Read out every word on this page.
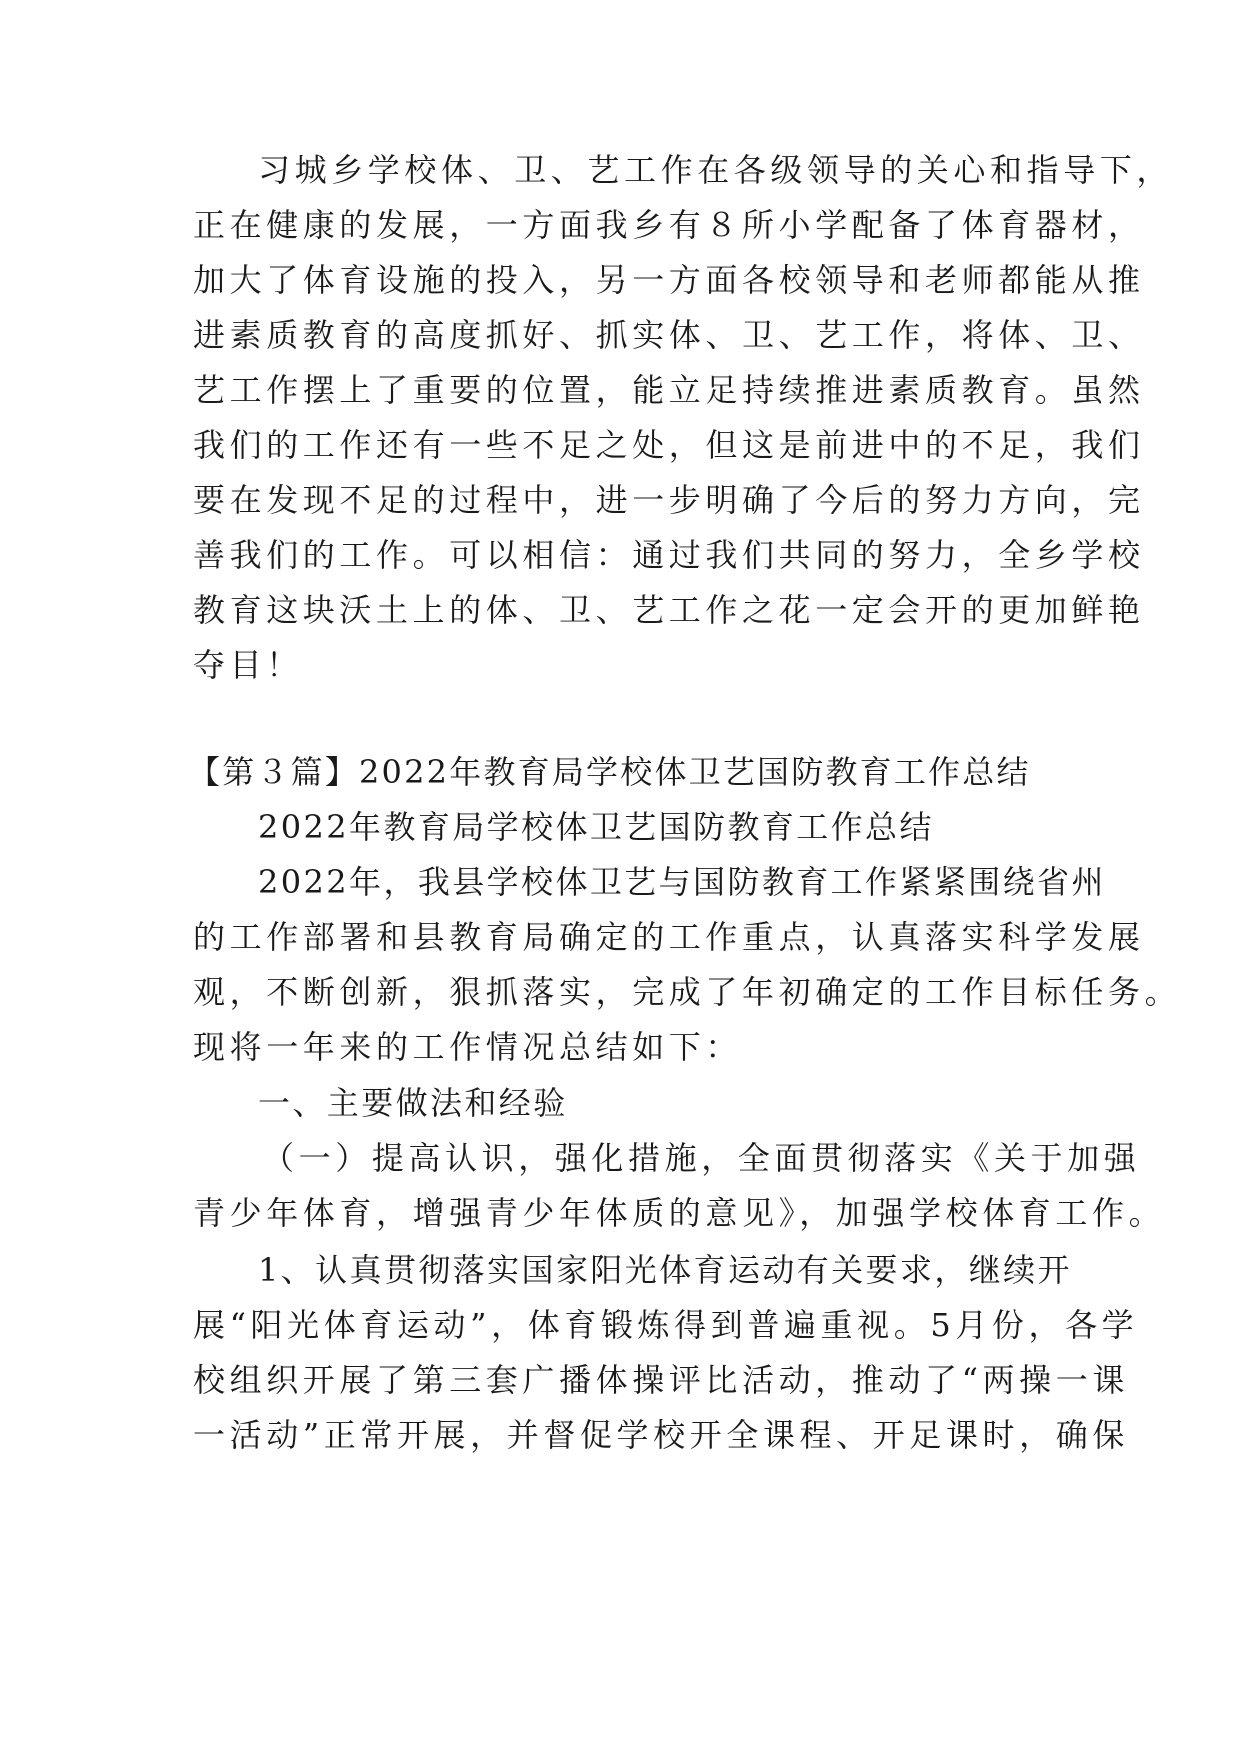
习城乡学校体、卫、艺工作在各级领导的关心和指导下，
正在健康的发展，一方面我乡有８所小学配备了体育器材，
加大了体育设施的投入，另一方面各校领导和老师都能从推
进素质教育的高度抓好、抓实体、卫、艺工作，将体、卫、
艺工作摆上了重要的位置，能立足持续推进素质教育。虽然
我们的工作还有一些不足之处，但这是前进中的不足，我们
要在发现不足的过程中，进一步明确了今后的努力方向，完
善我们的工作。可以相信：通过我们共同的努力，全乡学校
教育这块沃土上的体、卫、艺工作之花一定会开的更加鲜艳
夺目！
【第３篇】2022年教育局学校体卫艺国防教育工作总结
2022年教育局学校体卫艺国防教育工作总结
2022年，我县学校体卫艺与国防教育工作紧紧围绕省州
的工作部署和县教育局确定的工作重点，认真落实科学发展
观，不断创新，狠抓落实，完成了年初确定的工作目标任务。
现将一年来的工作情况总结如下：
一、主要做法和经验
（一）提高认识，强化措施，全面贯彻落实《关于加强
青少年体育，增强青少年体质的意见》，加强学校体育工作。
1、认真贯彻落实国家阳光体育运动有关要求，继续开
展“阳光体育运动”，体育锻炼得到普遍重视。5月份，各学
校组织开展了第三套广播体操评比活动，推动了“两操一课
一活动”正常开展，并督促学校开全课程、开足课时，确保
